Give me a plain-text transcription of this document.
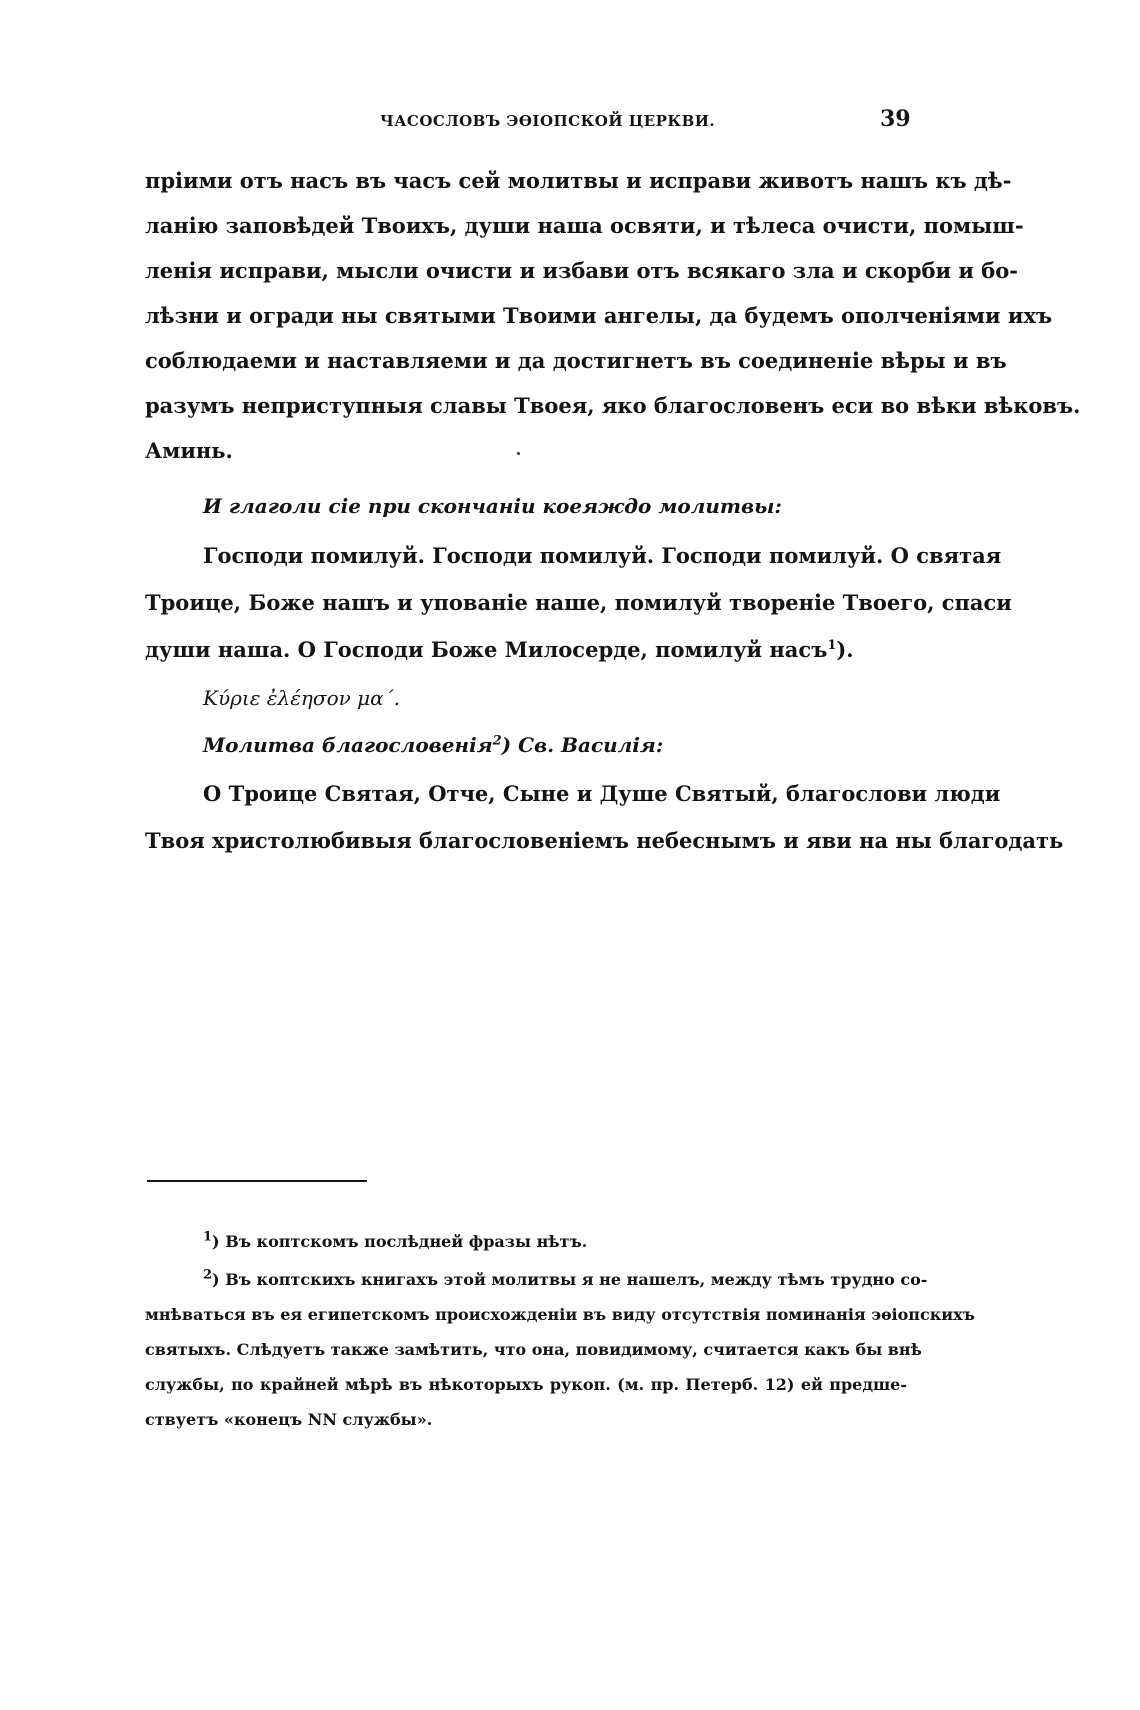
ЧАСОСЛОВЪ ЭѲІОПСКОЙ ЦЕРКВИ.	39
пріими отъ насъ въ часъ сей молитвы и исправи животъ нашъ къ дѣ-
ланію заповѣдей Твоихъ, души наша освяти, и тѣлеса очисти, помыш-
ленія исправи, мысли очисти и избави отъ всякаго зла и скорби и бо-
лѣзни и огради ны святыми Твоими ангелы, да будемъ ополченіями ихъ
соблюдаеми и наставляеми и да достигнетъ въ соединеніе вѣры и въ
разумъ неприступныя славы Твоея, яко благословенъ еси во вѣки вѣковъ.
Аминь.
И глаголи сіе при скончаніи коеяждо молитвы:
Господи помилуй. Господи помилуй. Господи помилуй. О святая
Троице, Боже нашъ и упованіе наше, помилуй твореніе Твоего, спаси
души наша. О Господи Боже Милосерде, помилуй насъ$^1$).
Κύριε ἐλέησον μα΄.
Молитва благословенія$^2$) Св. Василія:
О Троице Святая, Отче, Сыне и Душе Святый, благослови люди
Твоя христолюбивыя благословеніемъ небеснымъ и яви на ны благодать
$^1$) Въ коптскомъ послѣдней фразы нѣтъ.
$^2$) Въ коптскихъ книгахъ этой молитвы я не нашелъ, между тѣмъ трудно со-
мнѣваться въ ея египетскомъ происхожденіи въ виду отсутствія поминанія эѳіопскихъ
святыхъ. Слѣдуетъ также замѣтить, что она, повидимому, считается какъ бы внѣ
службы, по крайней мѣрѣ въ нѣкоторыхъ рукоп. (м. пр. Петерб. 12) ей предше-
ствуетъ «конецъ NN службы».
